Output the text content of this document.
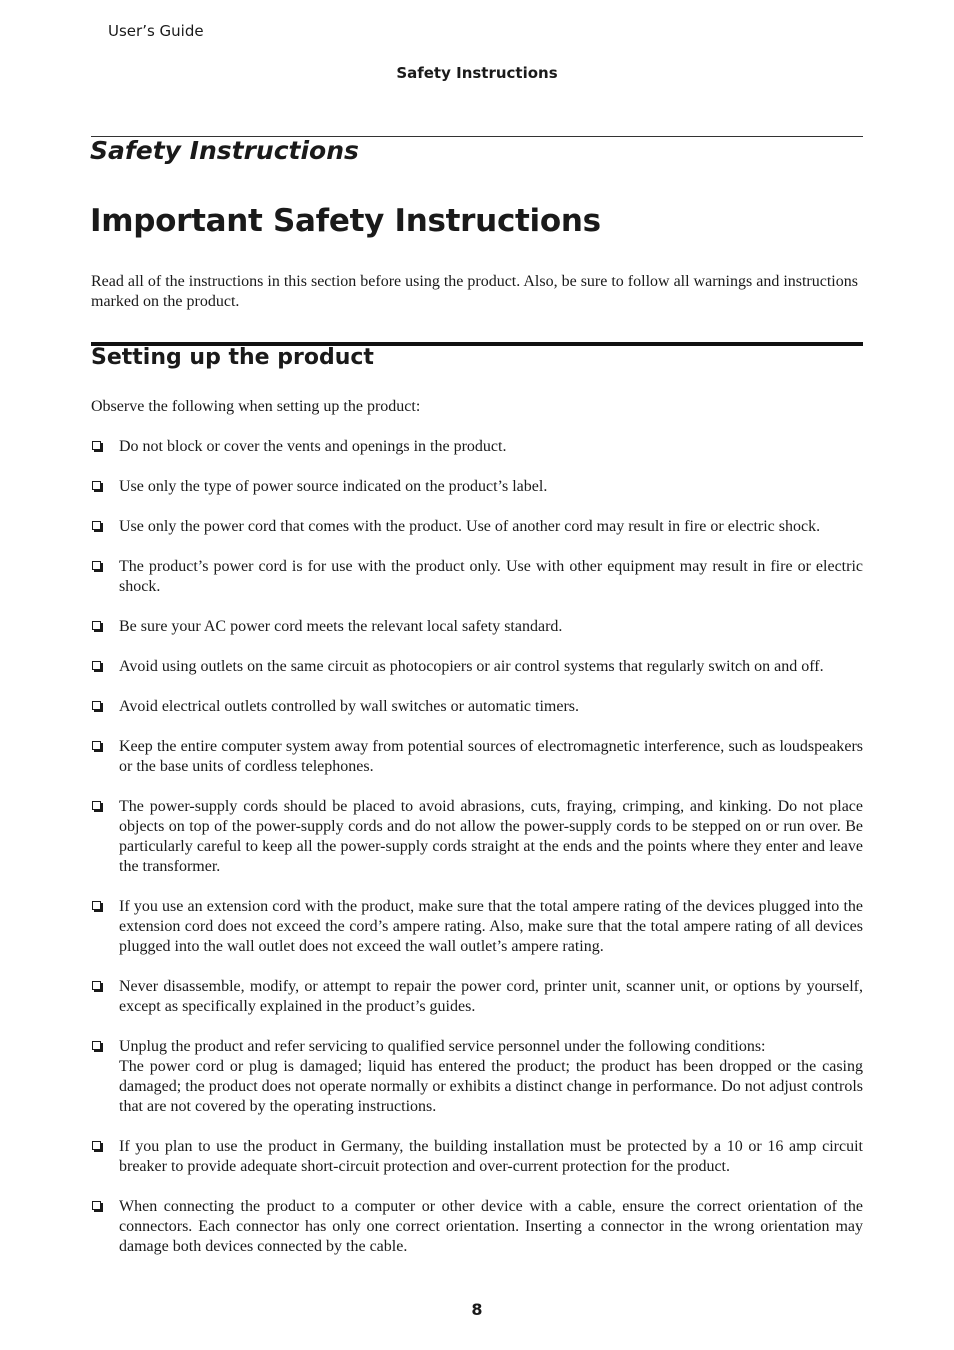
User’s Guide
Safety Instructions
Safety Instructions
Important Safety Instructions

Read all of the instructions in this section before using the product. Also, be sure to follow all warnings and instructions marked on the product.

Setting up the product

Observe the following when setting up the product:

Do not block or cover the vents and openings in the product.
Use only the type of power source indicated on the product’s label.
Use only the power cord that comes with the product. Use of another cord may result in fire or electric shock.
The product’s power cord is for use with the product only. Use with other equipment may result in fire or electric shock.
Be sure your AC power cord meets the relevant local safety standard.
Avoid using outlets on the same circuit as photocopiers or air control systems that regularly switch on and off.
Avoid electrical outlets controlled by wall switches or automatic timers.
Keep the entire computer system away from potential sources of electromagnetic interference, such as loudspeakers or the base units of cordless telephones.
The power-supply cords should be placed to avoid abrasions, cuts, fraying, crimping, and kinking. Do not place objects on top of the power-supply cords and do not allow the power-supply cords to be stepped on or run over. Be particularly careful to keep all the power-supply cords straight at the ends and the points where they enter and leave the transformer.
If you use an extension cord with the product, make sure that the total ampere rating of the devices plugged into the extension cord does not exceed the cord’s ampere rating. Also, make sure that the total ampere rating of all devices plugged into the wall outlet does not exceed the wall outlet’s ampere rating.
Never disassemble, modify, or attempt to repair the power cord, printer unit, scanner unit, or options by yourself, except as specifically explained in the product’s guides.
Unplug the product and refer servicing to qualified service personnel under the following conditions:
The power cord or plug is damaged; liquid has entered the product; the product has been dropped or the casing damaged; the product does not operate normally or exhibits a distinct change in performance. Do not adjust controls that are not covered by the operating instructions.
If you plan to use the product in Germany, the building installation must be protected by a 10 or 16 amp circuit breaker to provide adequate short-circuit protection and over-current protection for the product.
When connecting the product to a computer or other device with a cable, ensure the correct orientation of the connectors. Each connector has only one correct orientation. Inserting a connector in the wrong orientation may damage both devices connected by the cable.
8
